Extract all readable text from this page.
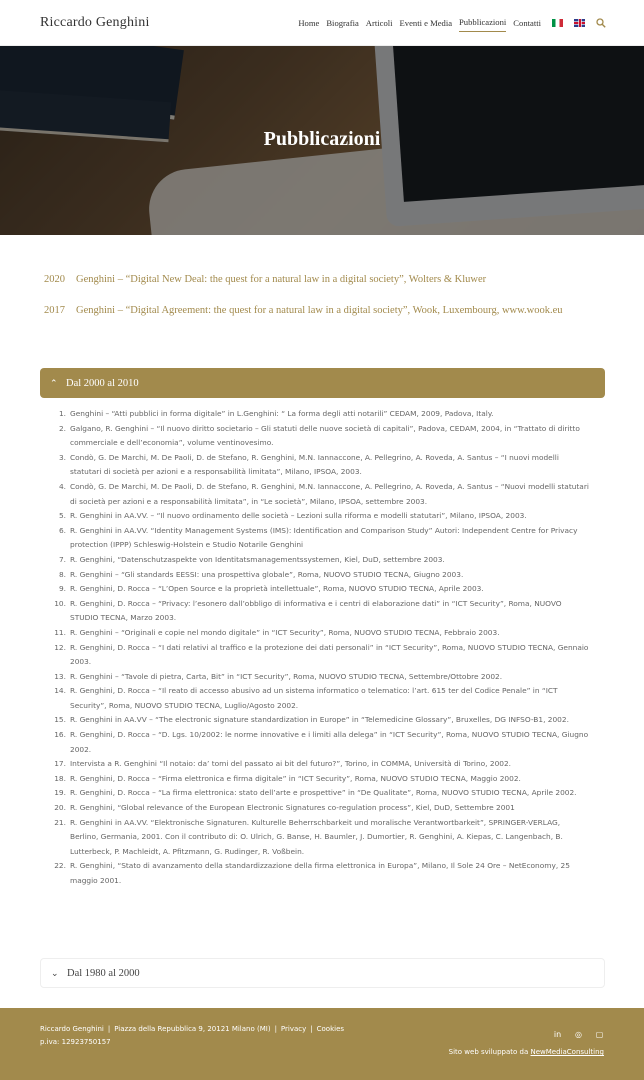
Riccardo Genghini	Home Biografia Articoli Eventi e Media Pubblicazioni Contatti
Pubblicazioni
2020	Genghini – “Digital New Deal: the quest for a natural law in a digital society”, Wolters & Kluwer
2017	Genghini – “Digital Agreement: the quest for a natural law in a digital society”, Wook, Luxembourg, www.wook.eu
⌃ Dal 2000 al 2010
1. Genghini – “Atti pubblici in forma digitale” in L.Genghini: “ La forma degli atti notarili” CEDAM, 2009, Padova, Italy.
2. Galgano, R. Genghini – “Il nuovo diritto societario – Gli statuti delle nuove società di capitali”, Padova, CEDAM, 2004, in “Trattato di diritto commerciale e dell’economia”, volume ventinovesimo.
3. Condò, G. De Marchi, M. De Paoli, D. de Stefano, R. Genghini, M.N. Iannaccone, A. Pellegrino, A. Roveda, A. Santus – “I nuovi modelli statutari di società per azioni e a responsabilità limitata”, Milano, IPSOA, 2003.
4. Condò, G. De Marchi, M. De Paoli, D. de Stefano, R. Genghini, M.N. Iannaccone, A. Pellegrino, A. Roveda, A. Santus – “Nuovi modelli statutari di società per azioni e a responsabilità limitata”, in “Le società”, Milano, IPSOA, settembre 2003.
5. R. Genghini in AA.VV. – “Il nuovo ordinamento delle società – Lezioni sulla riforma e modelli statutari”, Milano, IPSOA, 2003.
6. R. Genghini in AA.VV. “Identity Management Systems (IMS): Identification and Comparison Study” Autori: Independent Centre for Privacy protection (IPPP) Schleswig-Holstein e Studio Notarile Genghini
7. R. Genghini, “Datenschutzaspekte von Identitatsmanagementssystemen, Kiel, DuD, settembre 2003.
8. R. Genghini – “Gli standards EESSI: una prospettiva globale”, Roma, NUOVO STUDIO TECNA, Giugno 2003.
9. R. Genghini, D. Rocca – “L’Open Source e la proprietà intellettuale”, Roma, NUOVO STUDIO TECNA, Aprile 2003.
10. R. Genghini, D. Rocca – “Privacy: l’esonero dall’obbligo di informativa e i centri di elaborazione dati” in “ICT Security”, Roma, NUOVO STUDIO TECNA, Marzo 2003.
11. R. Genghini – “Originali e copie nel mondo digitale” in “ICT Security”, Roma, NUOVO STUDIO TECNA, Febbraio 2003.
12. R. Genghini, D. Rocca – “I dati relativi al traffico e la protezione dei dati personali” in “ICT Security”, Roma, NUOVO STUDIO TECNA, Gennaio 2003.
13. R. Genghini – “Tavole di pietra, Carta, Bit” in “ICT Security”, Roma, NUOVO STUDIO TECNA, Settembre/Ottobre 2002.
14. R. Genghini, D. Rocca – “Il reato di accesso abusivo ad un sistema informatico o telematico: l’art. 615 ter del Codice Penale” in “ICT Security”, Roma, NUOVO STUDIO TECNA, Luglio/Agosto 2002.
15. R. Genghini in AA.VV – “The electronic signature standardization in Europe” in “Telemedicine Glossary”, Bruxelles, DG INFSO-B1, 2002.
16. R. Genghini, D. Rocca – “D. Lgs. 10/2002: le norme innovative e i limiti alla delega” in “ICT Security”, Roma, NUOVO STUDIO TECNA, Giugno 2002.
17. Intervista a R. Genghini “Il notaio: da’ tomi del passato ai bit del futuro?”, Torino, in COMMA, Università di Torino, 2002.
18. R. Genghini, D. Rocca – “Firma elettronica e firma digitale” in “ICT Security”, Roma, NUOVO STUDIO TECNA, Maggio 2002.
19. R. Genghini, D. Rocca – “La firma elettronica: stato dell’arte e prospettive” in “De Qualitate”, Roma, NUOVO STUDIO TECNA, Aprile 2002.
20. R. Genghini, “Global relevance of the European Electronic Signatures co-regulation process”, Kiel, DuD, Settembre 2001
21. R. Genghini in AA.VV. “Elektronische Signaturen. Kulturelle Beherrschbarkeit und moralische Verantwortbarkeit”, SPRINGER-VERLAG, Berlino, Germania, 2001. Con il contributo di: O. Ulrich, G. Banse, H. Baumler, J. Dumortier, R. Genghini, A. Kiepas, C. Langenbach, B. Lutterbeck, P. Machleidt, A. Pfitzmann, G. Rudinger, R. Voßbein.
22. R. Genghini, “Stato di avanzamento della standardizzazione della firma elettronica in Europa”, Milano, Il Sole 24 Ore – NetEconomy, 25 maggio 2001.
⌄ Dal 1980 al 2000
Riccardo Genghini | Piazza della Repubblica 9, 20121 Milano (MI) | Privacy | Cookies
p.iva: 12923750157
in ◎ ▢
Sito web sviluppato da NewMediaConsulting
